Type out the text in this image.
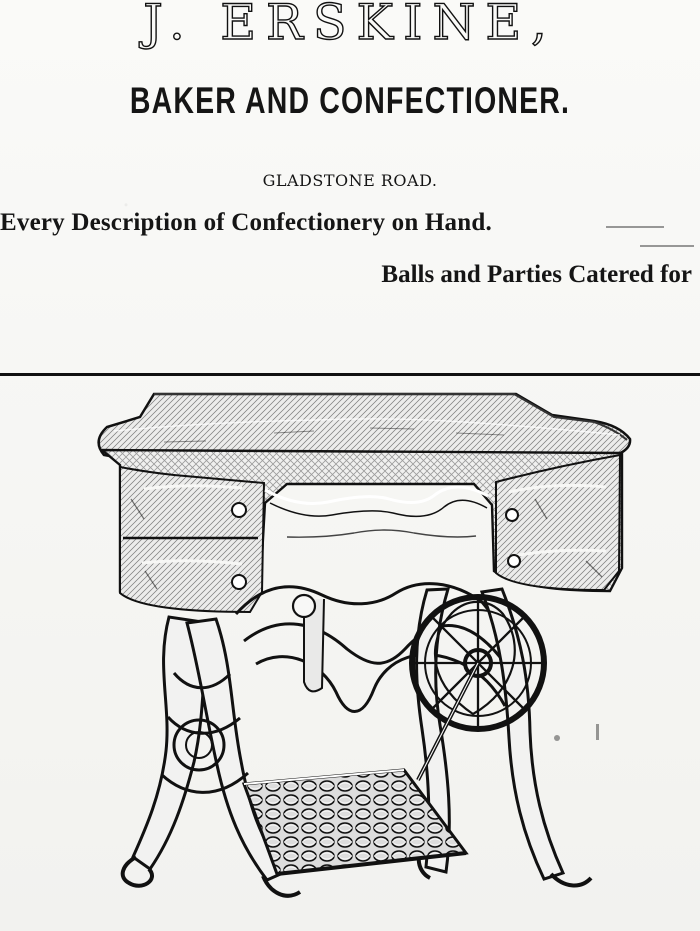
J. ERSKINE,
BAKER AND CONFECTIONER.
GLADSTONE ROAD.
Every Description of Confectionery on Hand.
Balls and Parties Catered for
